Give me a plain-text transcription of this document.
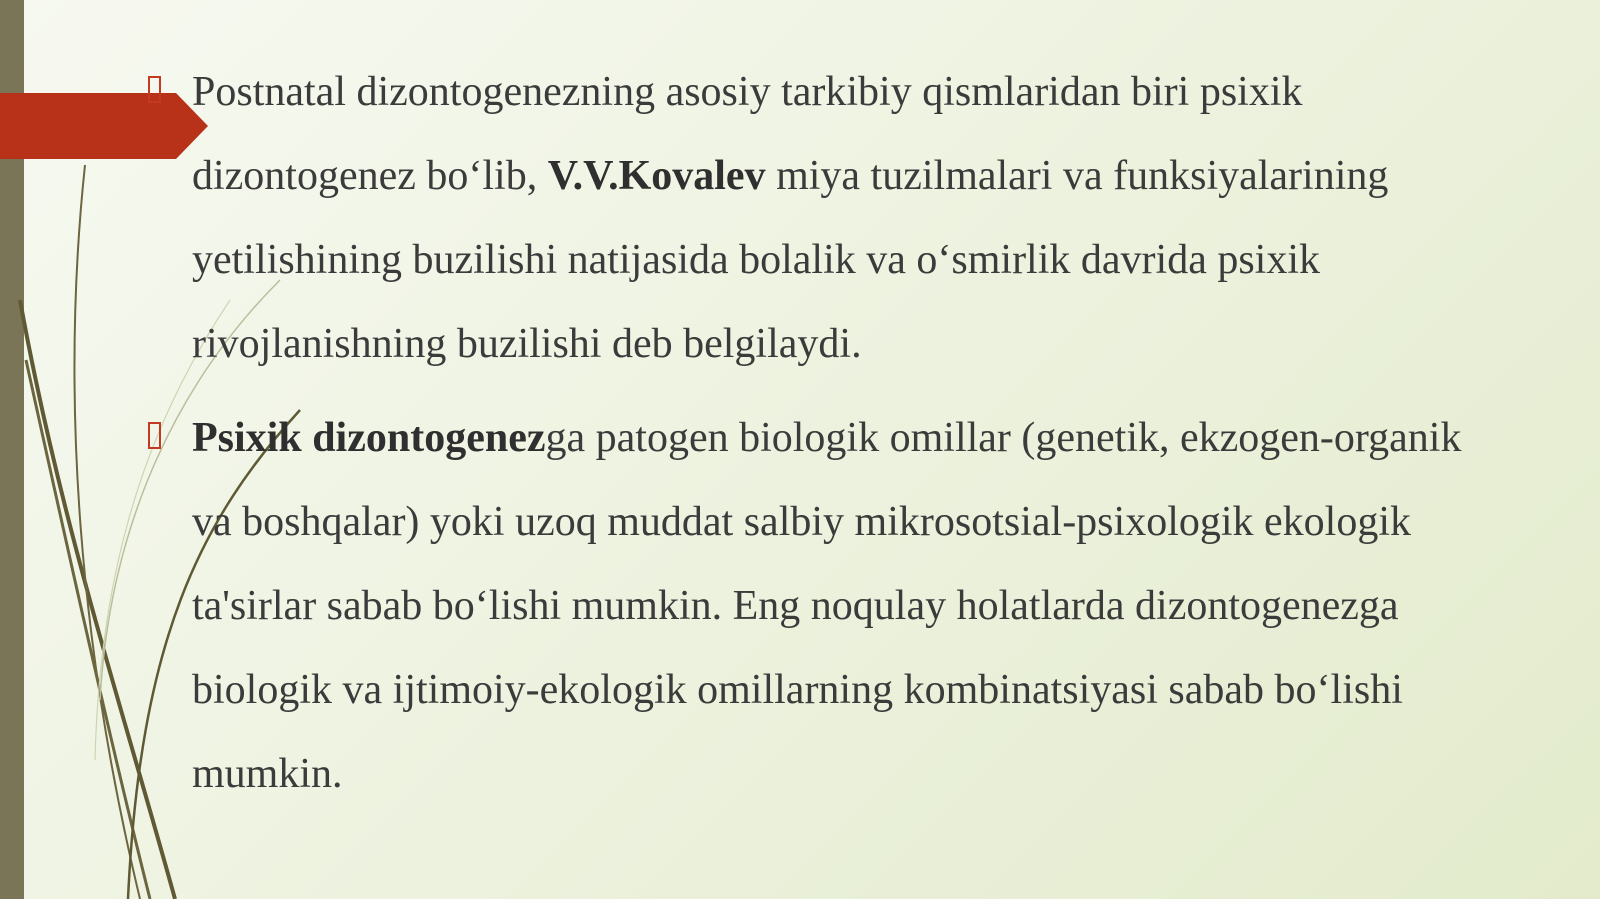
Postnatal dizontogenezning asosiy tarkibiy qismlaridan biri psixik dizontogenez bo‘lib, V.V.Kovalev miya tuzilmalari va funksiyalarining yetilishining buzilishi natijasida bolalik va o‘smirlik davrida psixik rivojlanishning buzilishi deb belgilaydi.
Psixik dizontogenezga patogen biologik omillar (genetik, ekzogen-organik va boshqalar) yoki uzoq muddat salbiy mikrosotsial-psixologik ekologik ta'sirlar sabab bo‘lishi mumkin. Eng noqulay holatlarda dizontogenezga biologik va ijtimoiy-ekologik omillarning kombinatsiyasi sabab bo‘lishi mumkin.
